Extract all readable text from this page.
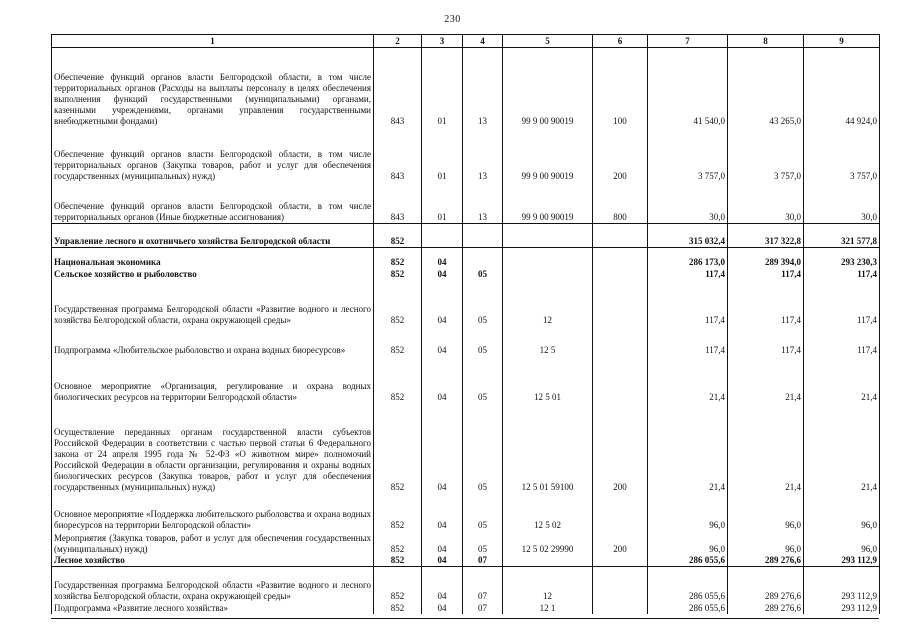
230
1	2	3	4	5	6	7	8	9
Обеспечение функций органов власти Белгородской области, в том числе территориальных органов (Расходы на выплаты персоналу в целях обеспечения выполнения функций государственными (муниципальными) органами, казенными учреждениями, органами управления государственными внебюджетными фондами)	843	01	13	99 9 00 90019	100	41 540,0	43 265,0	44 924,0
Обеспечение функций органов власти Белгородской области, в том числе территориальных органов (Закупка товаров, работ и услуг для обеспечения государственных (муниципальных) нужд)	843	01	13	99 9 00 90019	200	3 757,0	3 757,0	3 757,0
Обеспечение функций органов власти Белгородской области, в том числе территориальных органов (Иные бюджетные ассигнования)	843	01	13	99 9 00 90019	800	30,0	30,0	30,0
Управление лесного и охотничьего хозяйства Белгородской области	852					315 032,4	317 322,8	321 577,8
Национальная экономика	852	04				286 173,0	289 394,0	293 230,3
Сельское хозяйство и рыболовство	852	04	05			117,4	117,4	117,4
Государственная программа Белгородской области «Развитие водного и лесного хозяйства Белгородской области, охрана окружающей среды»	852	04	05	12		117,4	117,4	117,4
Подпрограмма «Любительское рыболовство и охрана водных биоресурсов»	852	04	05	12 5		117,4	117,4	117,4
Основное мероприятие «Организация, регулирование и охрана водных биологических ресурсов на территории Белгородской области»	852	04	05	12 5 01		21,4	21,4	21,4
Осуществление переданных органам государственной власти субъектов Российской Федерации в соответствии с частью первой статьи 6 Федерального закона от 24 апреля 1995 года № 52-ФЗ «О животном мире» полномочий Российской Федерации в области организации, регулирования и охраны водных биологических ресурсов (Закупка товаров, работ и услуг для обеспечения государственных (муниципальных) нужд)	852	04	05	12 5 01 59100	200	21,4	21,4	21,4
Основное мероприятие «Поддержка любительского рыболовства и охрана водных биоресурсов на территории Белгородской области»	852	04	05	12 5 02		96,0	96,0	96,0
Мероприятия (Закупка товаров, работ и услуг для обеспечения государственных (муниципальных) нужд)	852	04	05	12 5 02 29990	200	96,0	96,0	96,0
Лесное хозяйство	852	04	07			286 055,6	289 276,6	293 112,9
Государственная программа Белгородской области «Развитие водного и лесного хозяйства Белгородской области, охрана окружающей среды»	852	04	07	12		286 055,6	289 276,6	293 112,9
Подпрограмма «Развитие лесного хозяйства»	852	04	07	12 1		286 055,6	289 276,6	293 112,9
